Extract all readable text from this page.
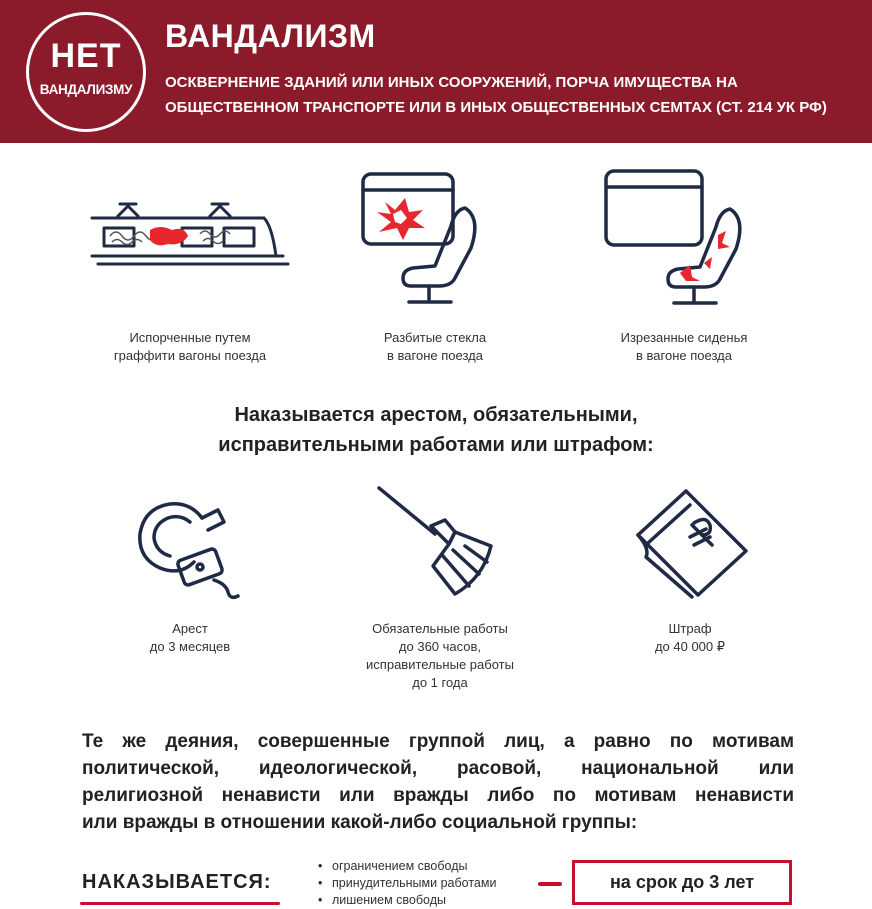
НЕТ
ВАНДАЛИЗМУ
ВАНДАЛИЗМ
ОСКВЕРНЕНИЕ ЗДАНИЙ ИЛИ ИНЫХ СООРУЖЕНИЙ, ПОРЧА ИМУЩЕСТВА НА
ОБЩЕСТВЕННОМ ТРАНСПОРТЕ ИЛИ В ИНЫХ ОБЩЕСТВЕННЫХ СЕМТАХ (СТ. 214 УК РФ)
Испорченные путем
граффити вагоны поезда
Разбитые стекла
в вагоне поезда
Изрезанные сиденья
в вагоне поезда
Наказывается арестом, обязательными,
исправительными работами или штрафом:
Арест
до 3 месяцев
Обязательные работы
до 360 часов,
исправительные работы
до 1 года
Штраф
до 40 000 ₽
Те же деяния, совершенные группой лиц, а равно по мотивам
политической, идеологической, расовой, национальной или
религиозной ненависти или вражды либо по мотивам ненависти
или вражды в отношении какой-либо социальной группы:
НАКАЗЫВАЕТСЯ:
• ограничением свободы
• принудительными работами
• лишением свободы
на срок до 3 лет
